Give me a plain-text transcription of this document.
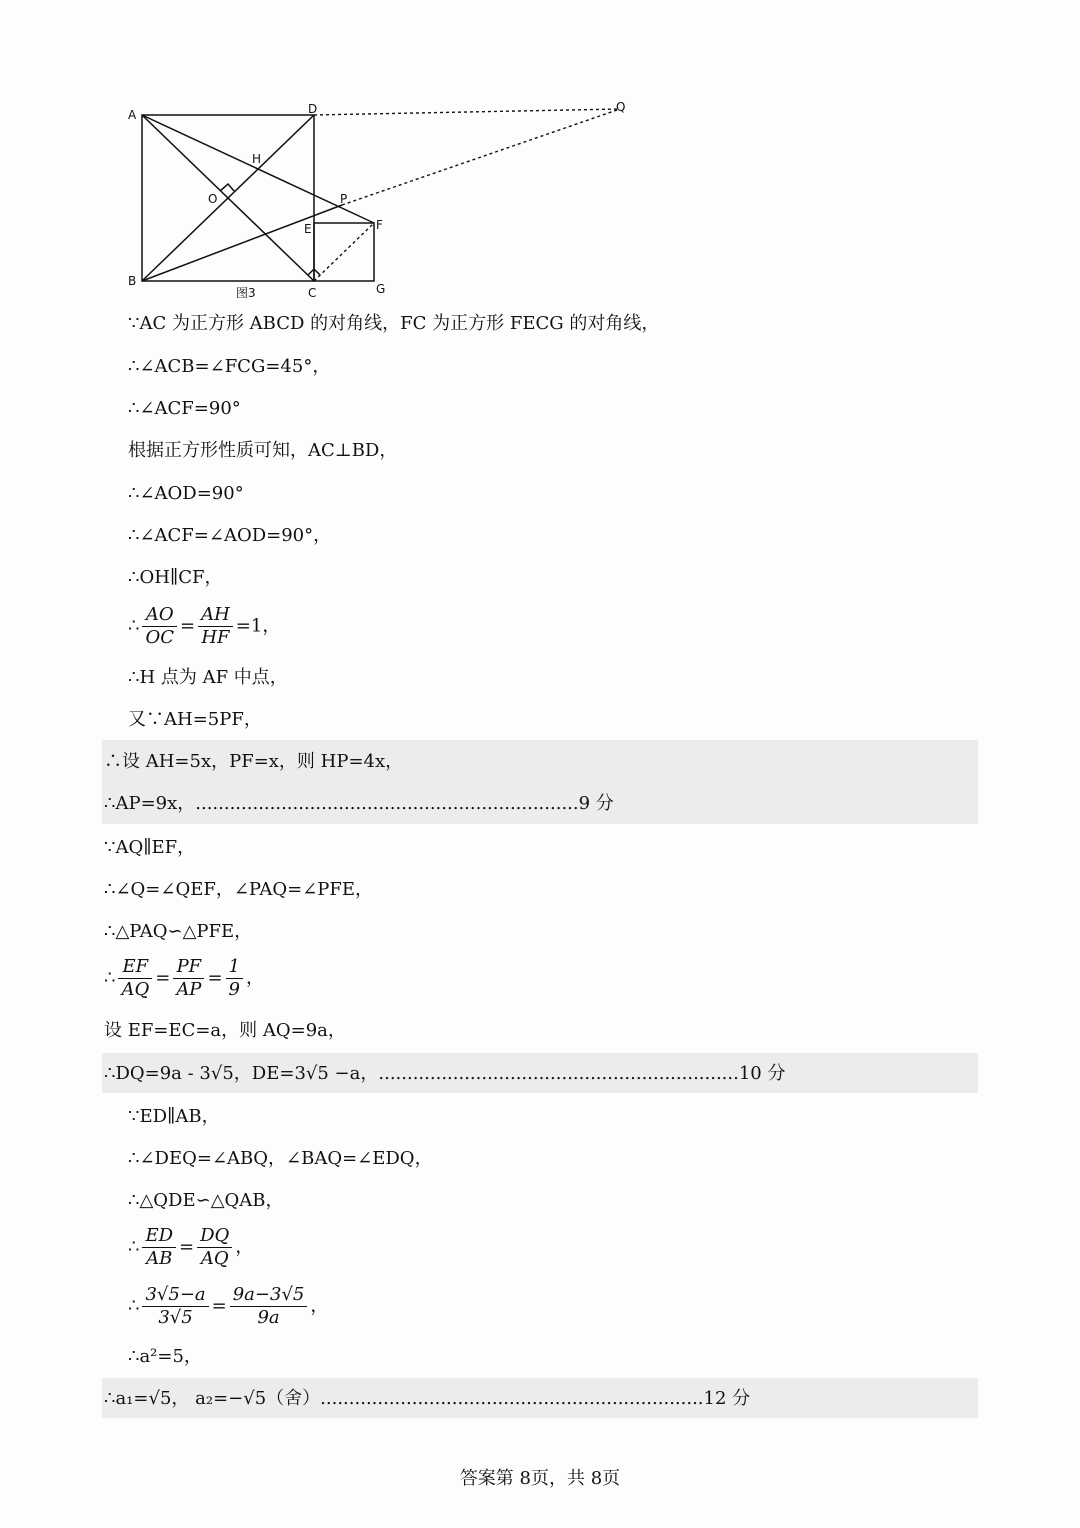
A
B
C
D
E	F
G
H
O	P
Q
图3
∵AC 为正方形 ABCD 的对角线，FC 为正方形 FECG 的对角线，
∴∠ACB=∠FCG=45°，
∴∠ACF=90°
根据正方形性质可知，AC⊥BD，
∴∠AOD=90°
∴∠ACF=∠AOD=90°，
∴OH∥CF，
∴ $\frac{AO}{OC} = \frac{AH}{HF} =1$，
∴H 点为 AF 中点，
又∵AH=5PF，
∴设 AH=5x，PF=x，则 HP=4x，
∴AP=9x，...................................................................9 分
∵AQ∥EF，
∴∠Q=∠QEF，∠PAQ=∠PFE，
∴△PAQ∽△PFE，
∴ $\frac{EF}{AQ} = \frac{PF}{AP} = \frac{1}{9}$ ，
设 EF=EC=a，则 AQ=9a，
∴DQ=9a - 3√5，DE=3√5 −a，...............................................................10 分
∵ED∥AB，
∴∠DEQ=∠ABQ，∠BAQ=∠EDQ，
∴△QDE∽△QAB，
∴ $\frac{ED}{AB} = \frac{DQ}{AQ}$ ，
∴ $\frac{3√5-a}{3√5} = \frac{9a-3√5}{9a}$ ，
∴a²=5，
∴a₁=√5， a₂=−√5（舍）...................................................................12 分
答案第 8页，共 8页
